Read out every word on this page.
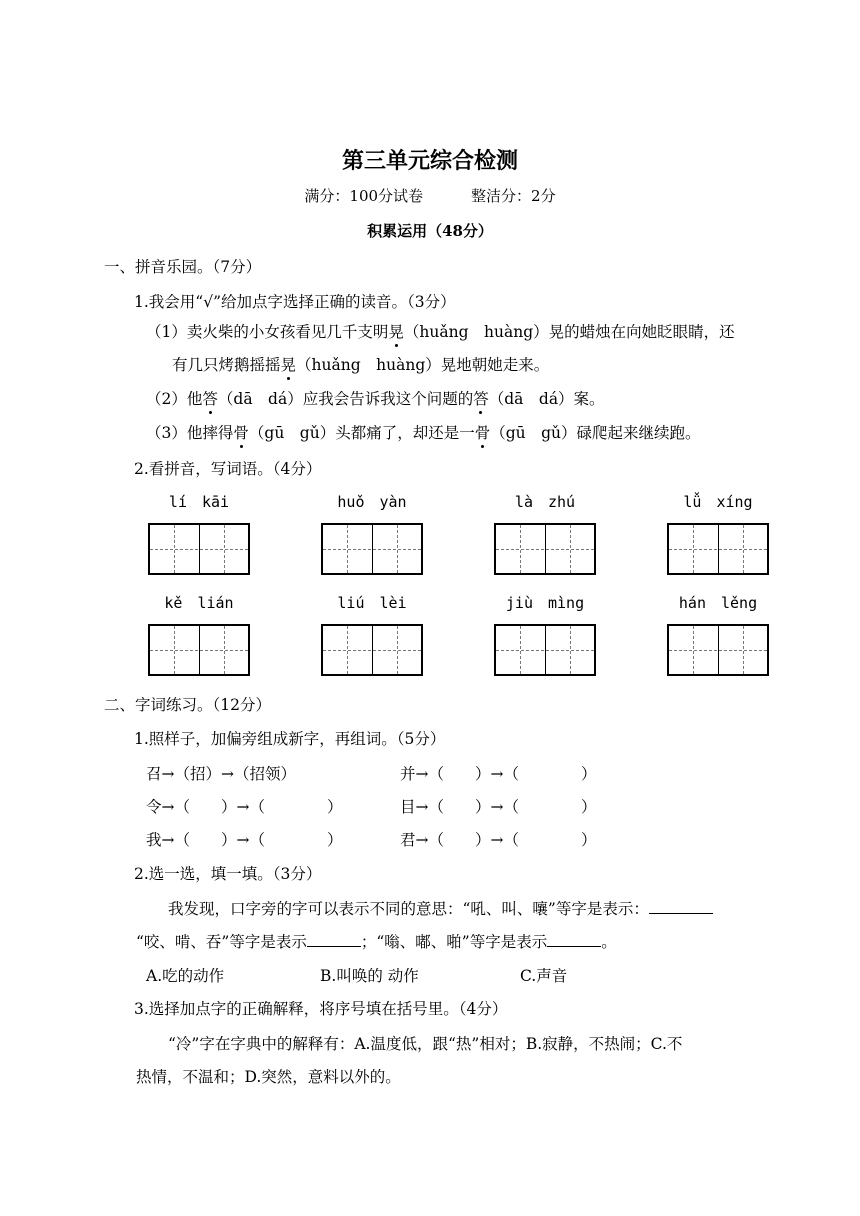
第三单元综合检测
满分：100分试卷	整洁分：2分
积累运用（48分）
一、拼音乐园。（7分）
1.我会用“√”给加点字选择正确的读音。（3分）
（1）卖火柴的小女孩看见几千支明晃（huǎng　huàng）晃的蜡烛在向她眨眼睛，还
有几只烤鹅摇摇晃（huǎng　huàng）晃地朝她走来。
（2）他答（dā　dá）应我会告诉我这个问题的答（dā　dá）案。
（3）他摔得骨（gū　gǔ）头都痛了，却还是一骨（gū　gǔ）碌爬起来继续跑。
2.看拼音，写词语。（4分）
lí　kāi	huǒ　yàn	là　zhú	lǚ　xíng
kě　lián	liú　lèi	jiù　mìng	hán　lěng
二、字词练习。（12分）
1.照样子，加偏旁组成新字，再组词。（5分）
召→（招）→（招领）	并→（　　）→（　　　　）
令→（　　）→（　　　　）	目→（　　）→（　　　　）
我→（　　）→（　　　　）	君→（　　）→（　　　　）
2.选一选，填一填。（3分）
我发现，口字旁的字可以表示不同的意思：“吼、叫、嚷”等字是表示：
“咬、啃、吞”等字是表示	；“嗡、嘟、啪”等字是表示	。
A.吃的动作	B.叫唤的 动作	C.声音
3.选择加点字的正确解释，将序号填在括号里。（4分）
“冷”字在字典中的解释有：A.温度低，跟“热”相对；B.寂静，不热闹；C.不
热情，不温和；D.突然，意料以外的。
